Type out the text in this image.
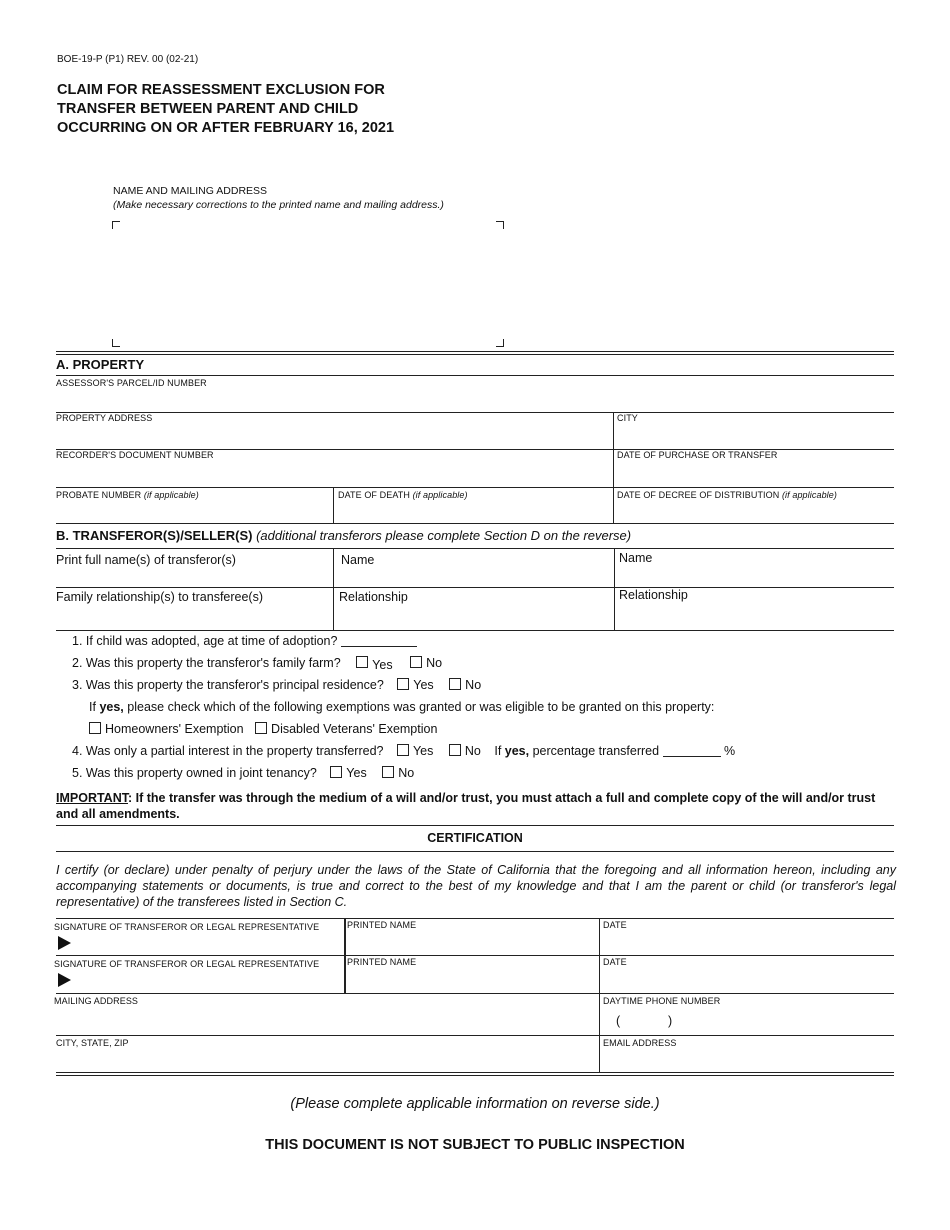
BOE-19-P (P1) REV. 00 (02-21)
CLAIM FOR REASSESSMENT EXCLUSION FOR
TRANSFER BETWEEN PARENT AND CHILD
OCCURRING ON OR AFTER FEBRUARY 16, 2021
NAME AND MAILING ADDRESS
(Make necessary corrections to the printed name and mailing address.)
A. PROPERTY
ASSESSOR'S PARCEL/ID NUMBER
PROPERTY ADDRESS	CITY
RECORDER'S DOCUMENT NUMBER	DATE OF PURCHASE OR TRANSFER
PROBATE NUMBER (if applicable)	DATE OF DEATH (if applicable)	DATE OF DECREE OF DISTRIBUTION (if applicable)
B. TRANSFEROR(S)/SELLER(S) (additional transferors please complete Section D on the reverse)
Print full name(s) of transferor(s)	Name	Name
Family relationship(s) to transferee(s)	Relationship	Relationship
1. If child was adopted, age at time of adoption?
2. Was this property the transferor's family farm?	Yes	No
3. Was this property the transferor's principal residence? Yes	No
If yes, please check which of the following exemptions was granted or was eligible to be granted on this property:
Homeowners' Exemption Disabled Veterans' Exemption
4. Was only a partial interest in the property transferred? Yes	No If yes, percentage transferred	%
5. Was this property owned in joint tenancy? Yes	No
IMPORTANT: If the transfer was through the medium of a will and/or trust, you must attach a full and complete copy of the will and/or trust and all amendments.
CERTIFICATION
I certify (or declare) under penalty of perjury under the laws of the State of California that the foregoing and all information hereon, including any accompanying statements or documents, is true and correct to the best of my knowledge and that I am the parent or child (or transferor's legal representative) of the transferees listed in Section C.
SIGNATURE OF TRANSFEROR OR LEGAL REPRESENTATIVE	PRINTED NAME	DATE
SIGNATURE OF TRANSFEROR OR LEGAL REPRESENTATIVE	PRINTED NAME	DATE
MAILING ADDRESS	DAYTIME PHONE NUMBER
(	)
CITY, STATE, ZIP	EMAIL ADDRESS
(Please complete applicable information on reverse side.)
THIS DOCUMENT IS NOT SUBJECT TO PUBLIC INSPECTION
